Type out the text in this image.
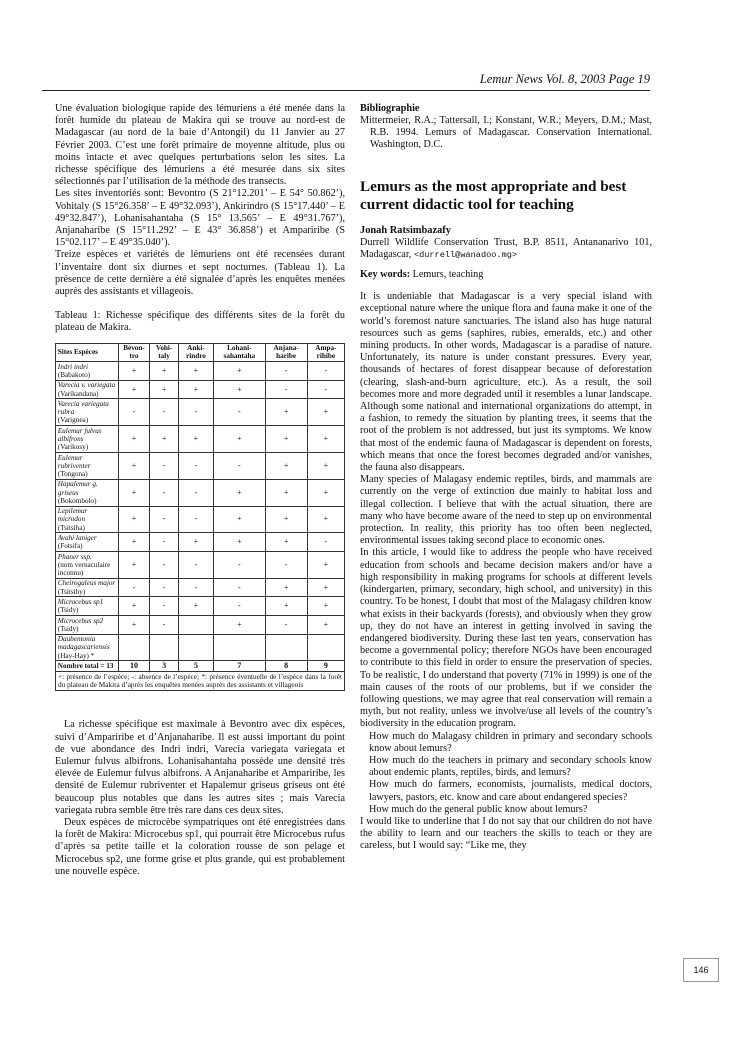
Lemur News Vol. 8, 2003 Page 19

Une évaluation biologique rapide des lémuriens a été menée dans la forêt humide du plateau de Makira qui se trouve au nord-est de Madagascar (au nord de la baie d’Antongil) du 11 Janvier au 27 Février 2003. C’est une forêt primaire de moyenne altitude, plus ou moins intacte et avec quelques perturbations selon les sites. La richesse spécifique des lémuriens a été mesurée dans six sites sélectionnés par l’utilisation de la méthode des transects.

Les sites inventoriés sont: Bevontro (S 21°12.201’ – E 54° 50.862’), Vohitaly (S 15°26.358’ – E 49°32.093’), Ankirindro (S 15°17.440’ – E 49°32.847’), Lohanisahantaha (S 15° 13.565’ – E 49°31.767’), Anjanaharibe (S 15°11.292’ – E 43° 36.858’) et Ampariribe (S 15°02.117’ – E 49°35.040’).

Treize espèces et variétés de lémuriens ont été recensées durant l’inventaire dont six diurnes et sept nocturnes. (Tableau 1). La présence de cette dernière a été signalée d’après les enquêtes menées auprès des assistants et villageois.

Tableau 1: Richesse spécifique des différents sites de la forêt du plateau de Makira.

Sites Espèces	Bevon-tro	Vohi-taly	Anki-rindro	Lohani-sahantaha	Anjana-haribe	Ampa-rihibe
Indri indri
(Babakoto)	+	+	+	+	-	-
Varecia v. variegata
(Varikandana)	+	+	+	+	-	-
Varecia variegata rubra
(Varignea)	-	-	-	-	+	+
Eulemur fulvus albifrons
(Varikosy)	+	+	+	+	+	+
Eulemur rubriventer
(Tongona)	+	-	-	-	+	+
Hapalemur g. griseus
(Bokombolo)	+	-	-	+	+	+
Lepilemur microdon
(Tsitsiha)	+	-	-	+	+	+
Avahi laniger
(Fotsifa)	+	-	+	+	+	-
Phaner ssp.
(nom vernaculaire inconnu)	+	-	-	-	-	+
Cheirogaleus major
(Tsitsihy)	-	-	-	-	+	+
Microcebus sp1
(Tsidy)	+	-	+	-	+	+
Microcebus sp2
(Tsidy)	+	-		+	-	+
Daubentonia madagascariensis
(Hay-Hay) *						
Nombre total = 13	10	3	5	7	8	9
+: présence de l’espèce; -: absence de l’espèce; *: présence éventuelle de l’espèce dans la forêt du plateau de Makira d’après les enquêtes menées auprès des assistants et villageois

La richesse spécifique est maximale à Bevontro avec dix espèces, suivi d’Ampariribe et d’Anjanaharibe. Il est aussi important du point de vue abondance des Indri indri, Varecia variegata variegata et Eulemur fulvus albifrons. Lohanisahantaha possède une densité très élevée de Eulemur fulvus albifrons. A Anjanaharibe et Ampariribe, les densité de Eulemur rubriventer et Hapalemur griseus griseus ont été beaucoup plus notables que dans les autres sites ; mais Varecia variegata rubra semble être très rare dans ces deux sites.

Deux espèces de microcèbe sympatriques ont été enregistrées dans la forêt de Makira: Microcebus sp1, qui pourrait être Microcebus rufus d’après sa petite taille et la coloration rousse de son pelage et Microcebus sp2, une forme grise et plus grande, qui est probablement une nouvelle espèce.

Bibliographie

Mittermeier, R.A.; Tattersall, I.; Konstant, W.R.; Meyers, D.M.; Mast, R.B. 1994. Lemurs of Madagascar. Conservation International. Washington, D.C.

Lemurs as the most appropriate and best current didactic tool for teaching
Jonah Ratsimbazafy

Durrell Wildlife Conservation Trust, B.P. 8511, Antananarivo 101, Madagascar, <durrell@wanadoo.mg>

Key words: Lemurs, teaching

It is undeniable that Madagascar is a very special island with exceptional nature where the unique flora and fauna make it one of the world’s foremost nature sanctuaries. The island also has huge natural resources such as gems (saphires, rubies, emeralds, etc.) and other mining products. In other words, Madagascar is a paradise of nature. Unfortunately, its nature is under constant pressures. Every year, thousands of hectares of forest disappear because of deforestation (clearing, slash-and-burn agriculture, etc.). As a result, the soil becomes more and more degraded until it resembles a lunar landscape. Although some national and international organizations do attempt, in a fashion, to remedy the situation by planting trees, it seems that the root of the problem is not addressed, but just its symptoms. We know that most of the endemic fauna of Madagascar is dependent on forests, which means that once the forest becomes degraded and/or vanishes, the fauna also disappears.

Many species of Malagasy endemic reptiles, birds, and mammals are currently on the verge of extinction due mainly to habitat loss and illegal collection. I believe that with the actual situation, there are many who have become aware of the need to step up on environmental protection. In reality, this priority has too often been neglected, environmental issues taking second place to economic ones.

In this article, I would like to address the people who have received education from schools and became decision makers and/or have a high responsibility in making programs for schools at different levels (kindergarten, primary, secondary, high school, and university) in this country. To be honest, I doubt that most of the Malagasy children know what exists in their backyards (forests), and obviously when they grow up, they do not have an interest in getting involved in saving the endangered biodiversity. During these last ten years, conservation has become a governmental policy; therefore NGOs have been encouraged to contribute to this field in order to ensure the preservation of species. To be realistic, I do understand that poverty (71% in 1999) is one of the main causes of the roots of our problems, but if we consider the following questions, we may agree that real conservation will remain a myth, but not reality, unless we involve/use all levels of the country’s biodiversity in the education program.

How much do Malagasy children in primary and secondary schools know about lemurs?

How much do the teachers in primary and secondary schools know about endemic plants, reptiles, birds, and lemurs?

How much do farmers, economists, journalists, medical doctors, lawyers, pastors, etc. know and care about endangered species?

How much do the general public know about lemurs?

I would like to underline that I do not say that our children do not have the ability to learn and our teachers the skills to teach or they are careless, but I would say: “Like me, they

146
